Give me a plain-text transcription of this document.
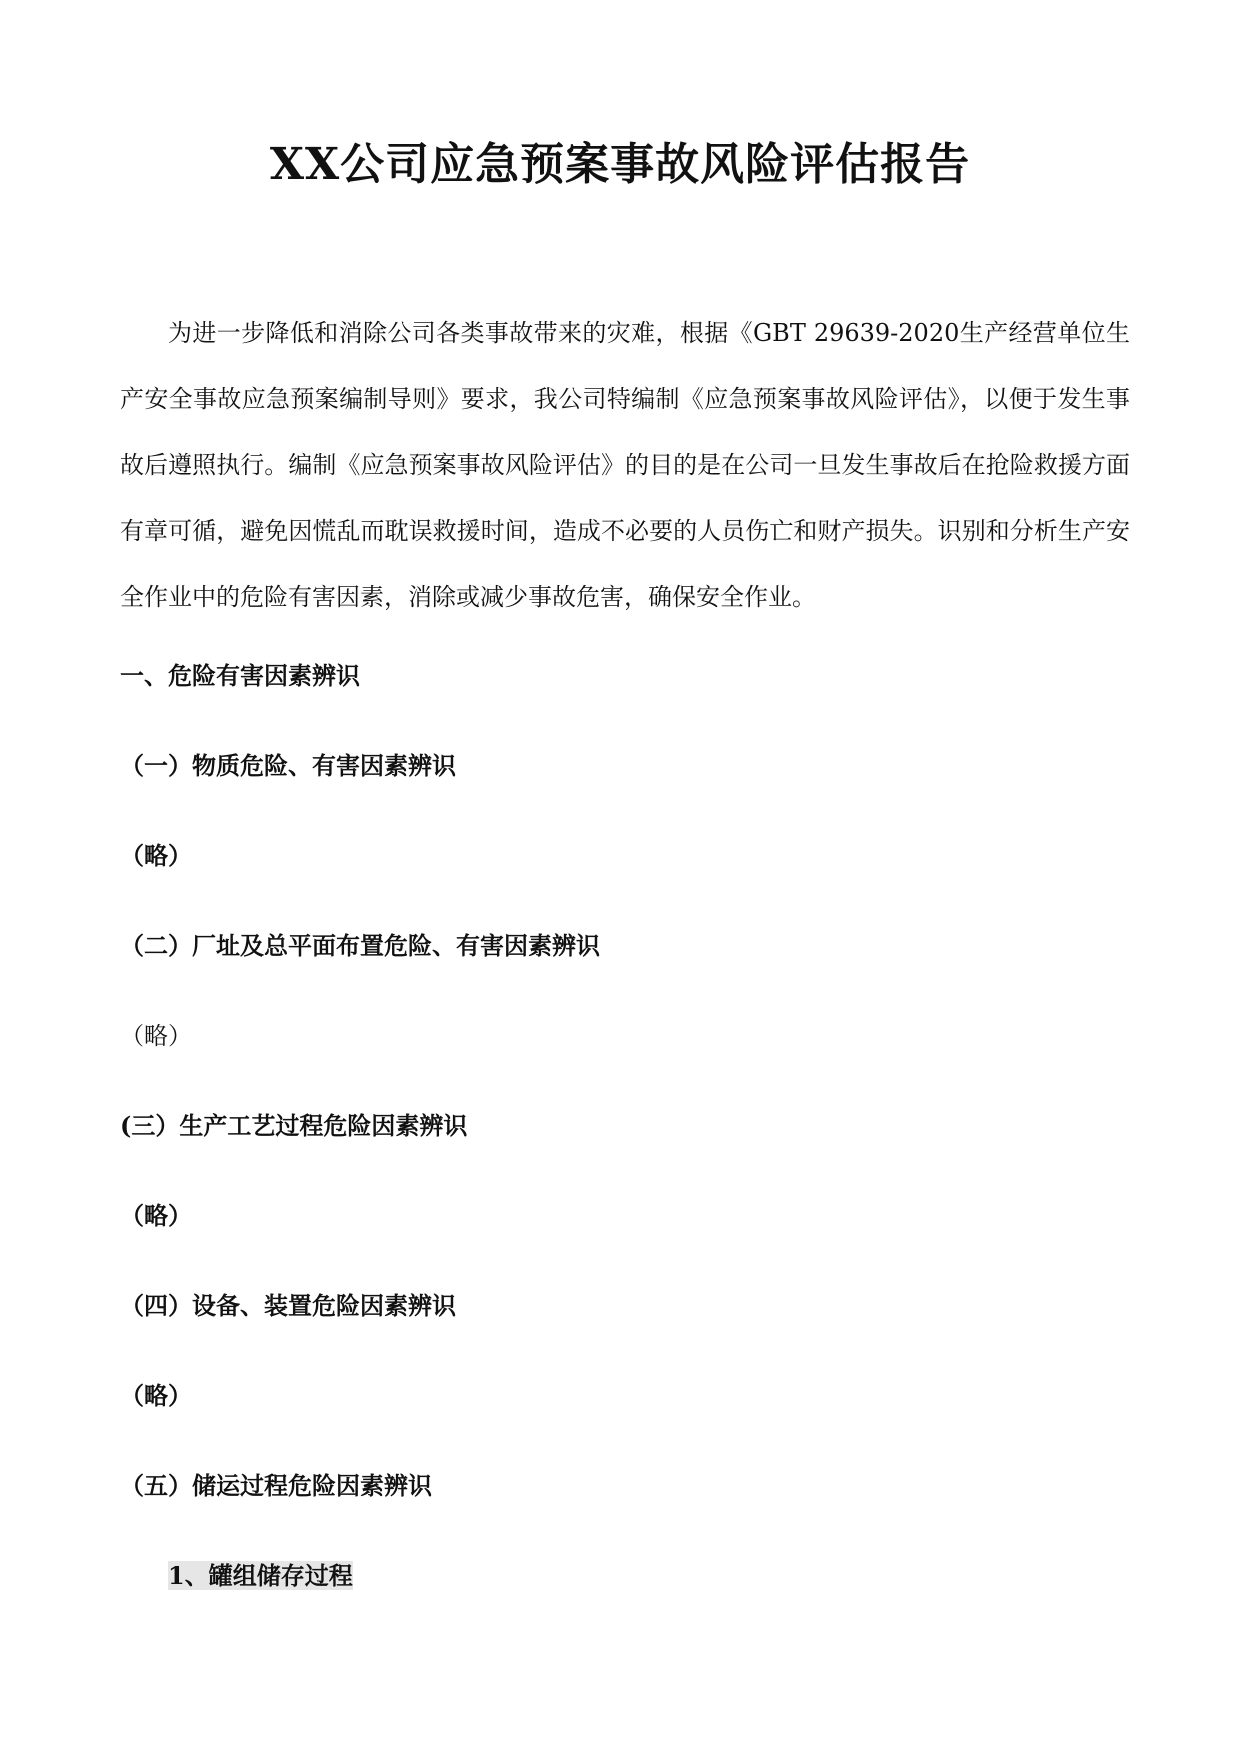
XX公司应急预案事故风险评估报告

为进一步降低和消除公司各类事故带来的灾难，根据《GBT 29639-2020生产经营单位生产安全事故应急预案编制导则》要求，我公司特编制《应急预案事故风险评估》，以便于发生事故后遵照执行。编制《应急预案事故风险评估》的目的是在公司一旦发生事故后在抢险救援方面有章可循，避免因慌乱而耽误救援时间，造成不必要的人员伤亡和财产损失。识别和分析生产安全作业中的危险有害因素，消除或减少事故危害，确保安全作业。

一、危险有害因素辨识

（一）物质危险、有害因素辨识

（略）

（二）厂址及总平面布置危险、有害因素辨识

（略）

(三）生产工艺过程危险因素辨识

（略）

（四）设备、装置危险因素辨识

（略）

（五）储运过程危险因素辨识

1、罐组储存过程
